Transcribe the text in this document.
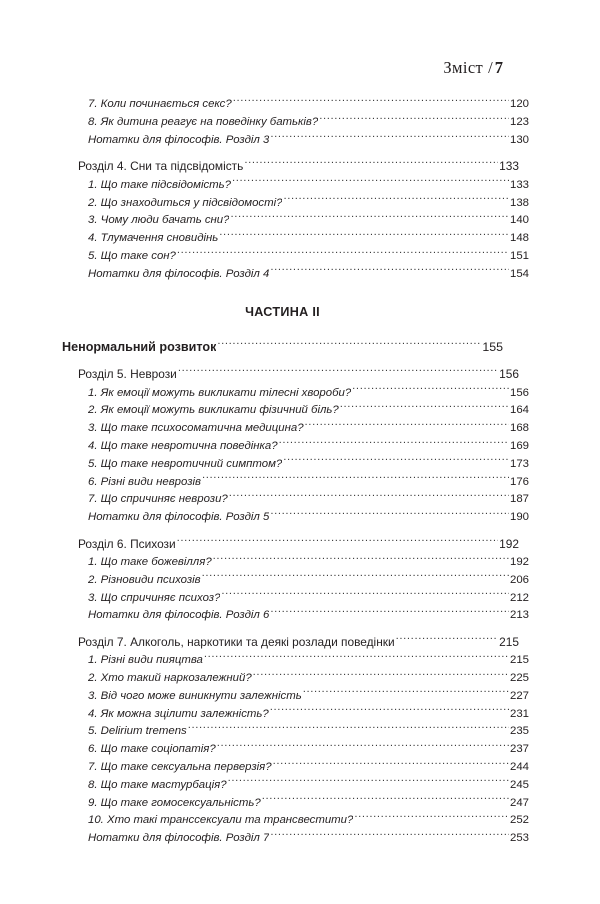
Зміст / 7
7. Коли починається секс? .....	120
8. Як дитина реагує на поведінку батьків? .....	123
Нотатки для філософів. Розділ 3 .....	130
Розділ 4. Сни та підсвідомість .....	133
1. Що таке підсвідомість? .....	133
2. Що знаходиться у підсвідомості? .....	138
3. Чому люди бачать сни? .....	140
4. Тлумачення сновидінь .....	148
5. Що таке сон? .....	151
Нотатки для філософів. Розділ 4 .....	154
ЧАСТИНА II
Ненормальний розвиток .....	155
Розділ 5. Неврози .....	156
1. Як емоції можуть викликати тілесні хвороби? .....	156
2. Як емоції можуть викликати фізичний біль? .....	164
3. Що таке психосоматична медицина? .....	168
4. Що таке невротична поведінка? .....	169
5. Що таке невротичний симптом? .....	173
6. Різні види неврозів .....	176
7. Що спричиняє неврози? .....	187
Нотатки для філософів. Розділ 5 .....	190
Розділ 6. Психози .....	192
1. Що таке божевілля? .....	192
2. Різновиди психозів .....	206
3. Що спричиняє психоз? .....	212
Нотатки для філософів. Розділ 6 .....	213
Розділ 7. Алкоголь, наркотики та деякі розлади поведінки .....	215
1. Різні види пияцтва .....	215
2. Хто такий наркозалежний? .....	225
3. Від чого може виникнути залежність .....	227
4. Як можна зцілити залежність? .....	231
5. Delirium tremens .....	235
6. Що таке соціопатія? .....	237
7. Що таке сексуальна перверзія? .....	244
8. Що таке мастурбація? .....	245
9. Що таке гомосексуальність? .....	247
10. Хто такі транссексуали та трансвестити? .....	252
Нотатки для філософів. Розділ 7 .....	253
